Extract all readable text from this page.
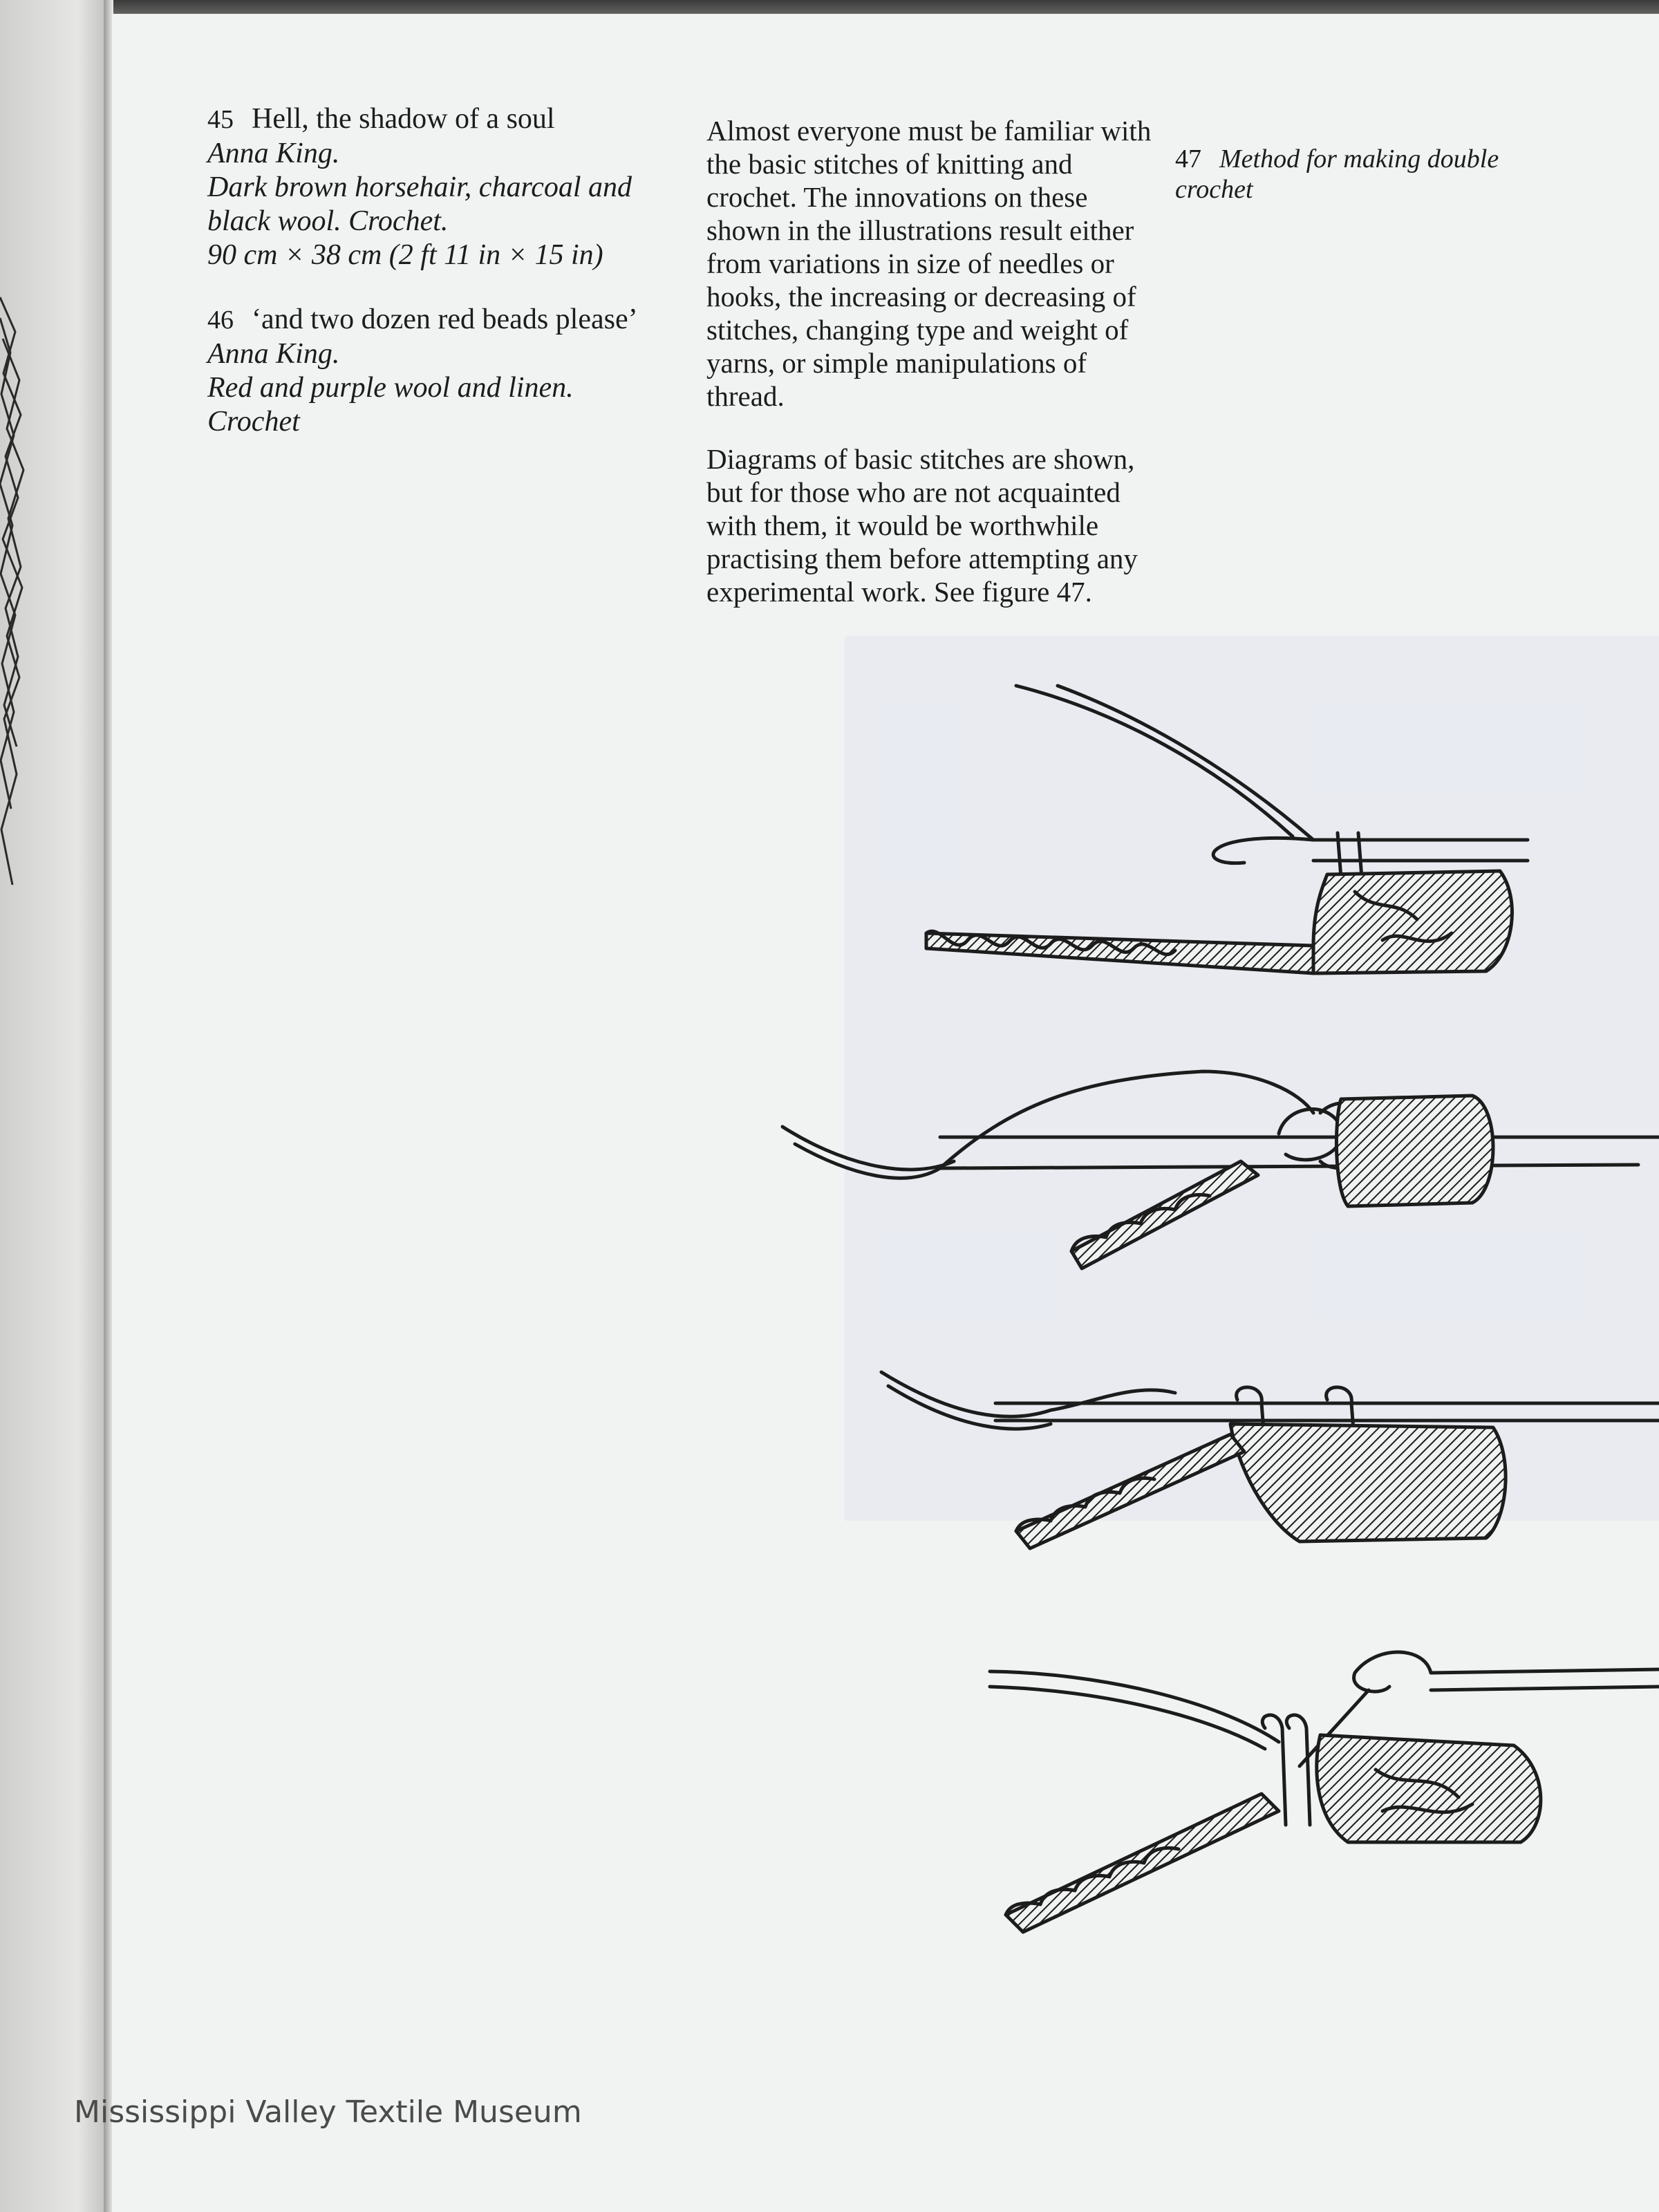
45 Hell, the shadow of a soul
Anna King.
Dark brown horsehair, charcoal and black wool. Crochet.
90 cm × 38 cm (2 ft 11 in × 15 in)
46 ‘and two dozen red beads please’ Anna King.
Red and purple wool and linen. Crochet

Almost everyone must be familiar with the basic stitches of knitting and crochet. The innovations on these shown in the illustrations result either from variations in size of needles or hooks, the increasing or decreasing of stitches, changing type and weight of yarns, or simple manipulations of thread.

Diagrams of basic stitches are shown, but for those who are not acquainted with them, it would be worthwhile practising them before attempting any experimental work. See figure 47.

47 Method for making double crochet
Mississippi Valley Textile Museum
